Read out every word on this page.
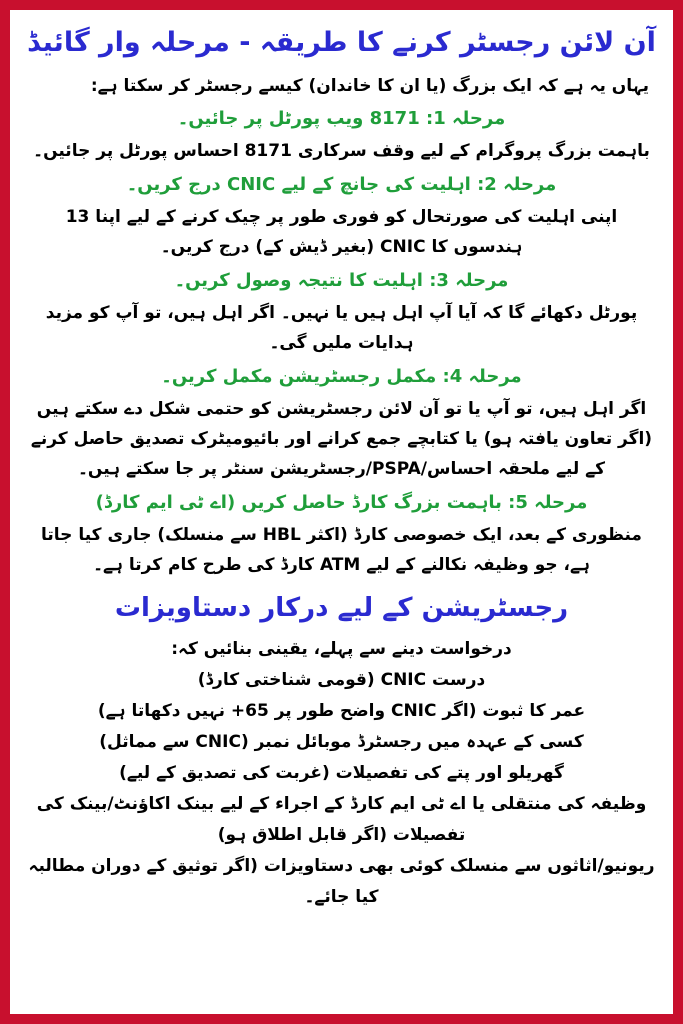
آن لائن رجسٹر کرنے کا طریقہ - مرحلہ وار گائیڈ
یہاں یہ ہے کہ ایک بزرگ (یا ان کا خاندان) کیسے رجسٹر کر سکتا ہے:
مرحلہ 1: 8171 ویب پورٹل پر جائیں۔
باہمت بزرگ پروگرام کے لیے وقف سرکاری 8171 احساس پورٹل پر جائیں۔
مرحلہ 2: اہلیت کی جانچ کے لیے CNIC درج کریں۔
اپنی اہلیت کی صورتحال کو فوری طور پر چیک کرنے کے لیے اپنا 13 ہندسوں کا CNIC (بغیر ڈیش کے) درج کریں۔
مرحلہ 3: اہلیت کا نتیجہ وصول کریں۔
پورٹل دکھائے گا کہ آیا آپ اہل ہیں یا نہیں۔ اگر اہل ہیں، تو آپ کو مزید ہدایات ملیں گی۔
مرحلہ 4: مکمل رجسٹریشن مکمل کریں۔
اگر اہل ہیں، تو آپ یا تو آن لائن رجسٹریشن کو حتمی شکل دے سکتے ہیں (اگر تعاون یافتہ ہو) یا کتابچے جمع کرانے اور بائیومیٹرک تصدیق حاصل کرنے کے لیے ملحقہ احساس/PSPA/رجسٹریشن سنٹر پر جا سکتے ہیں۔
مرحلہ 5: باہمت بزرگ کارڈ حاصل کریں (اے ٹی ایم کارڈ)
منظوری کے بعد، ایک خصوصی کارڈ (اکثر HBL سے منسلک) جاری کیا جاتا ہے، جو وظیفہ نکالنے کے لیے ATM کارڈ کی طرح کام کرتا ہے۔
رجسٹریشن کے لیے درکار دستاویزات
درخواست دینے سے پہلے، یقینی بنائیں کہ:
درست CNIC (قومی شناختی کارڈ)
عمر کا ثبوت (اگر CNIC واضح طور پر 65+ نہیں دکھاتا ہے)
کسی کے عہدہ میں رجسٹرڈ موبائل نمبر (CNIC سے مماثل)
گھریلو اور پتے کی تفصیلات (غربت کی تصدیق کے لیے)
وظیفہ کی منتقلی یا اے ٹی ایم کارڈ کے اجراء کے لیے بینک اکاؤنٹ/بینک کی تفصیلات (اگر قابل اطلاق ہو)
ریونیو/اثاثوں سے منسلک کوئی بھی دستاویزات (اگر توثیق کے دوران مطالبہ کیا جائے۔
